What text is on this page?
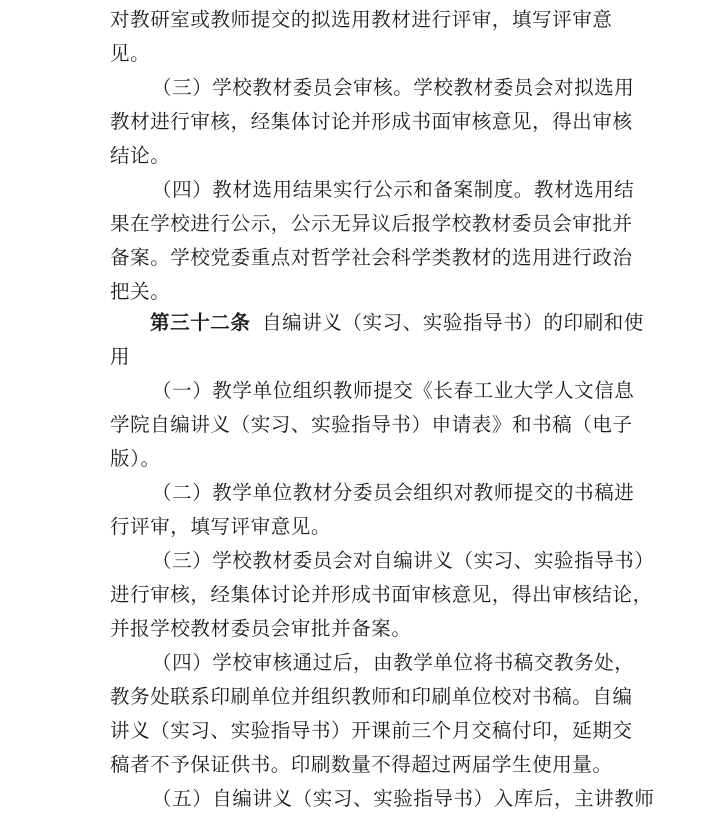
对教研室或教师提交的拟选用教材进行评审，填写评审意
见。
（三）学校教材委员会审核。学校教材委员会对拟选用
教材进行审核，经集体讨论并形成书面审核意见，得出审核
结论。
（四）教材选用结果实行公示和备案制度。教材选用结
果在学校进行公示，公示无异议后报学校教材委员会审批并
备案。学校党委重点对哲学社会科学类教材的选用进行政治
把关。
第三十二条 自编讲义（实习、实验指导书）的印刷和使
用
（一）教学单位组织教师提交《长春工业大学人文信息
学院自编讲义（实习、实验指导书）申请表》和书稿（电子
版）。
（二）教学单位教材分委员会组织对教师提交的书稿进
行评审，填写评审意见。
（三）学校教材委员会对自编讲义（实习、实验指导书）
进行审核，经集体讨论并形成书面审核意见，得出审核结论，
并报学校教材委员会审批并备案。
（四）学校审核通过后，由教学单位将书稿交教务处，
教务处联系印刷单位并组织教师和印刷单位校对书稿。自编
讲义（实习、实验指导书）开课前三个月交稿付印，延期交
稿者不予保证供书。印刷数量不得超过两届学生使用量。
（五）自编讲义（实习、实验指导书）入库后，主讲教师
